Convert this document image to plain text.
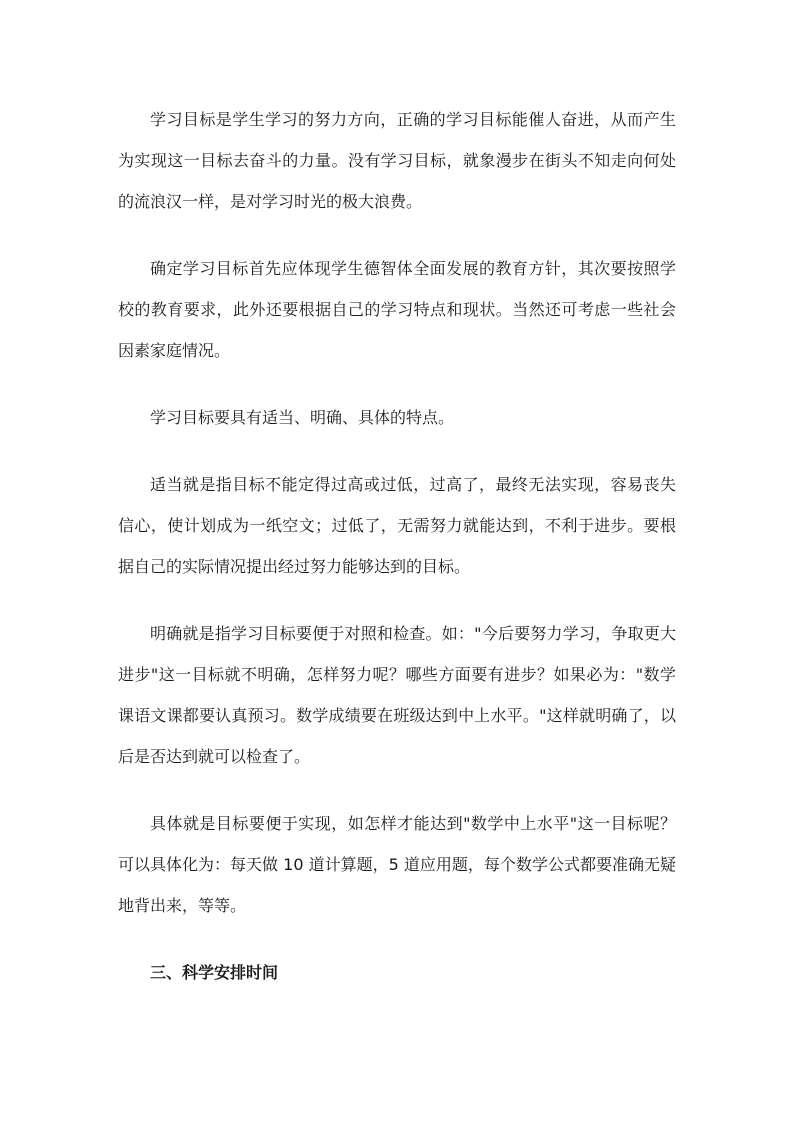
学习目标是学生学习的努力方向，正确的学习目标能催人奋进，从而产生为实现这一目标去奋斗的力量。没有学习目标，就象漫步在街头不知走向何处的流浪汉一样，是对学习时光的极大浪费。

确定学习目标首先应体现学生德智体全面发展的教育方针，其次要按照学校的教育要求，此外还要根据自己的学习特点和现状。当然还可考虑一些社会因素家庭情况。

学习目标要具有适当、明确、具体的特点。

适当就是指目标不能定得过高或过低，过高了，最终无法实现，容易丧失信心，使计划成为一纸空文；过低了，无需努力就能达到，不利于进步。要根据自己的实际情况提出经过努力能够达到的目标。

明确就是指学习目标要便于对照和检查。如："今后要努力学习，争取更大进步"这一目标就不明确，怎样努力呢？哪些方面要有进步？如果必为："数学课语文课都要认真预习。数学成绩要在班级达到中上水平。"这样就明确了，以后是否达到就可以检查了。

具体就是目标要便于实现，如怎样才能达到"数学中上水平"这一目标呢？可以具体化为：每天做 10 道计算题，5 道应用题，每个数学公式都要准确无疑地背出来，等等。

三、科学安排时间
